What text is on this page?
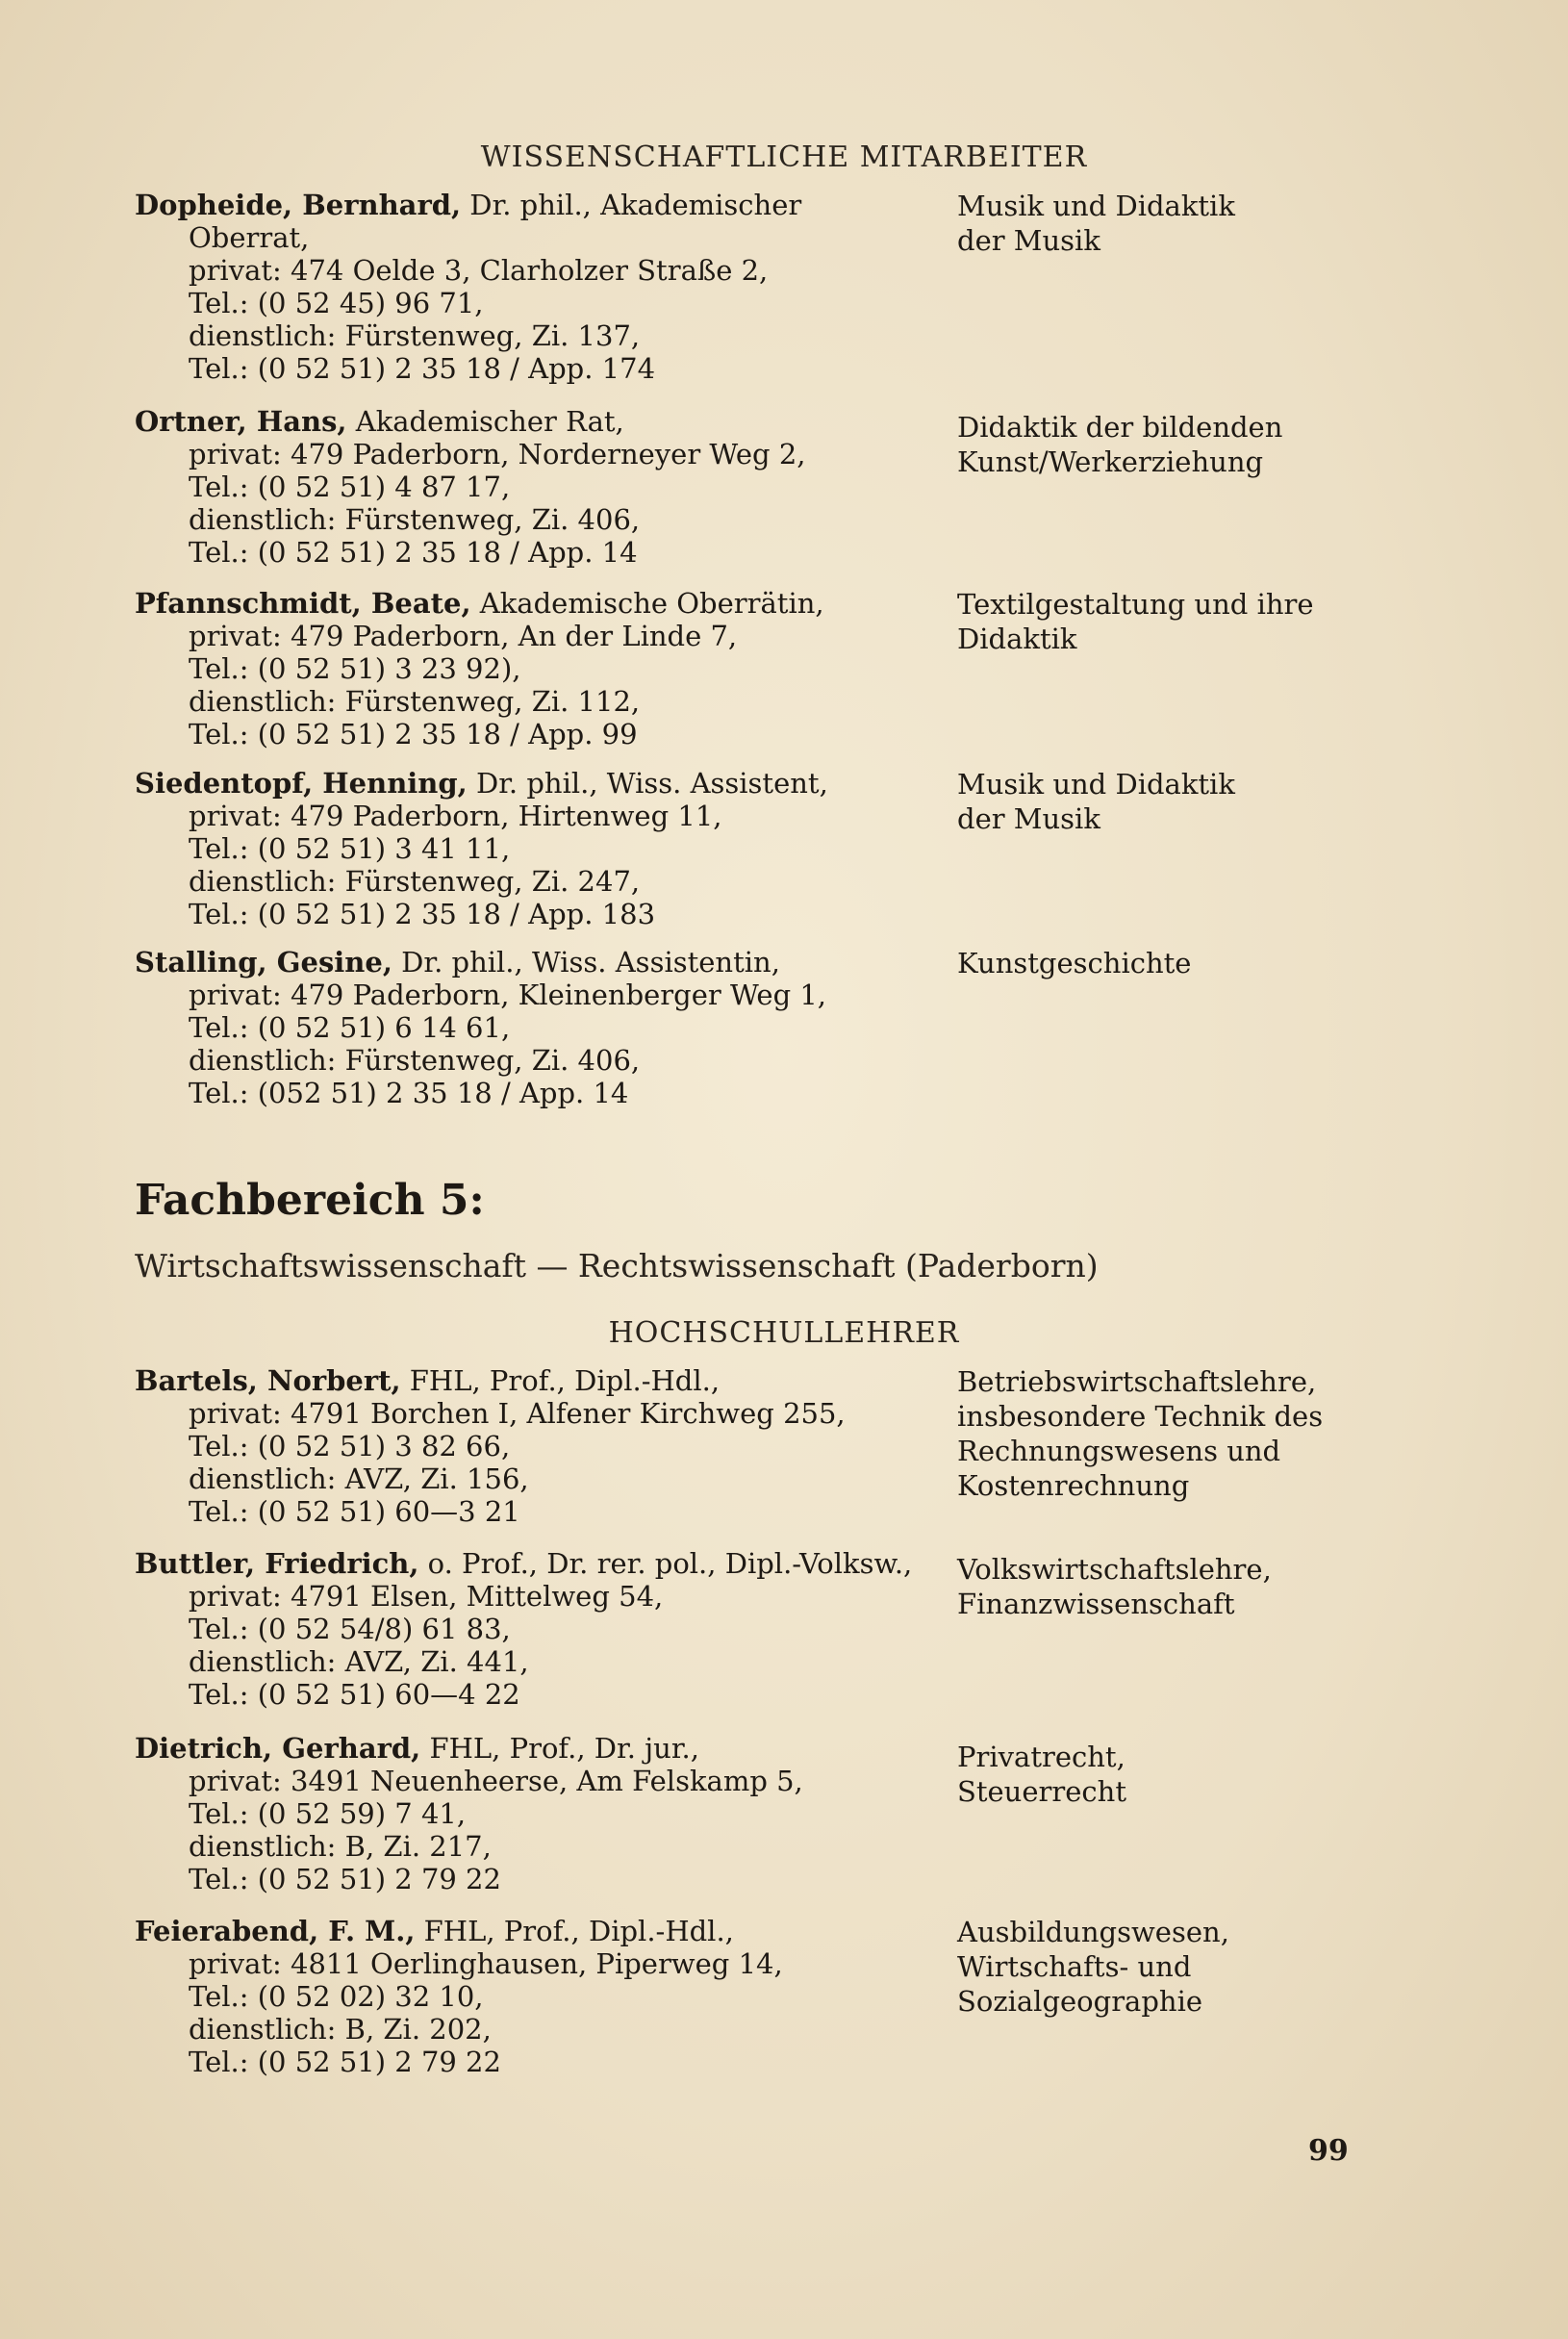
WISSENSCHAFTLICHE MITARBEITER
Dopheide, Bernhard, Dr. phil., Akademischer
Oberrat,
privat: 474 Oelde 3, Clarholzer Straße 2,
Tel.: (0 52 45) 96 71,
dienstlich: Fürstenweg, Zi. 137,
Tel.: (0 52 51) 2 35 18 / App. 174
Musik und Didaktik
der Musik
Ortner, Hans, Akademischer Rat,
privat: 479 Paderborn, Norderneyer Weg 2,
Tel.: (0 52 51) 4 87 17,
dienstlich: Fürstenweg, Zi. 406,
Tel.: (0 52 51) 2 35 18 / App. 14
Didaktik der bildenden
Kunst/Werkerziehung
Pfannschmidt, Beate, Akademische Oberrätin,
privat: 479 Paderborn, An der Linde 7,
Tel.: (0 52 51) 3 23 92),
dienstlich: Fürstenweg, Zi. 112,
Tel.: (0 52 51) 2 35 18 / App. 99
Textilgestaltung und ihre
Didaktik
Siedentopf, Henning, Dr. phil., Wiss. Assistent,
privat: 479 Paderborn, Hirtenweg 11,
Tel.: (0 52 51) 3 41 11,
dienstlich: Fürstenweg, Zi. 247,
Tel.: (0 52 51) 2 35 18 / App. 183
Musik und Didaktik
der Musik
Stalling, Gesine, Dr. phil., Wiss. Assistentin,
privat: 479 Paderborn, Kleinenberger Weg 1,
Tel.: (0 52 51) 6 14 61,
dienstlich: Fürstenweg, Zi. 406,
Tel.: (052 51) 2 35 18 / App. 14
Kunstgeschichte
Fachbereich 5:
Wirtschaftswissenschaft — Rechtswissenschaft (Paderborn)
HOCHSCHULLEHRER
Bartels, Norbert, FHL, Prof., Dipl.-Hdl.,
privat: 4791 Borchen I, Alfener Kirchweg 255,
Tel.: (0 52 51) 3 82 66,
dienstlich: AVZ, Zi. 156,
Tel.: (0 52 51) 60—3 21
Betriebswirtschaftslehre,
insbesondere Technik des
Rechnungswesens und
Kostenrechnung
Buttler, Friedrich, o. Prof., Dr. rer. pol., Dipl.-Volksw.,
privat: 4791 Elsen, Mittelweg 54,
Tel.: (0 52 54/8) 61 83,
dienstlich: AVZ, Zi. 441,
Tel.: (0 52 51) 60—4 22
Volkswirtschaftslehre,
Finanzwissenschaft
Dietrich, Gerhard, FHL, Prof., Dr. jur.,
privat: 3491 Neuenheerse, Am Felskamp 5,
Tel.: (0 52 59) 7 41,
dienstlich: B, Zi. 217,
Tel.: (0 52 51) 2 79 22
Privatrecht,
Steuerrecht
Feierabend, F. M., FHL, Prof., Dipl.-Hdl.,
privat: 4811 Oerlinghausen, Piperweg 14,
Tel.: (0 52 02) 32 10,
dienstlich: B, Zi. 202,
Tel.: (0 52 51) 2 79 22
Ausbildungswesen,
Wirtschafts- und
Sozialgeographie
99
